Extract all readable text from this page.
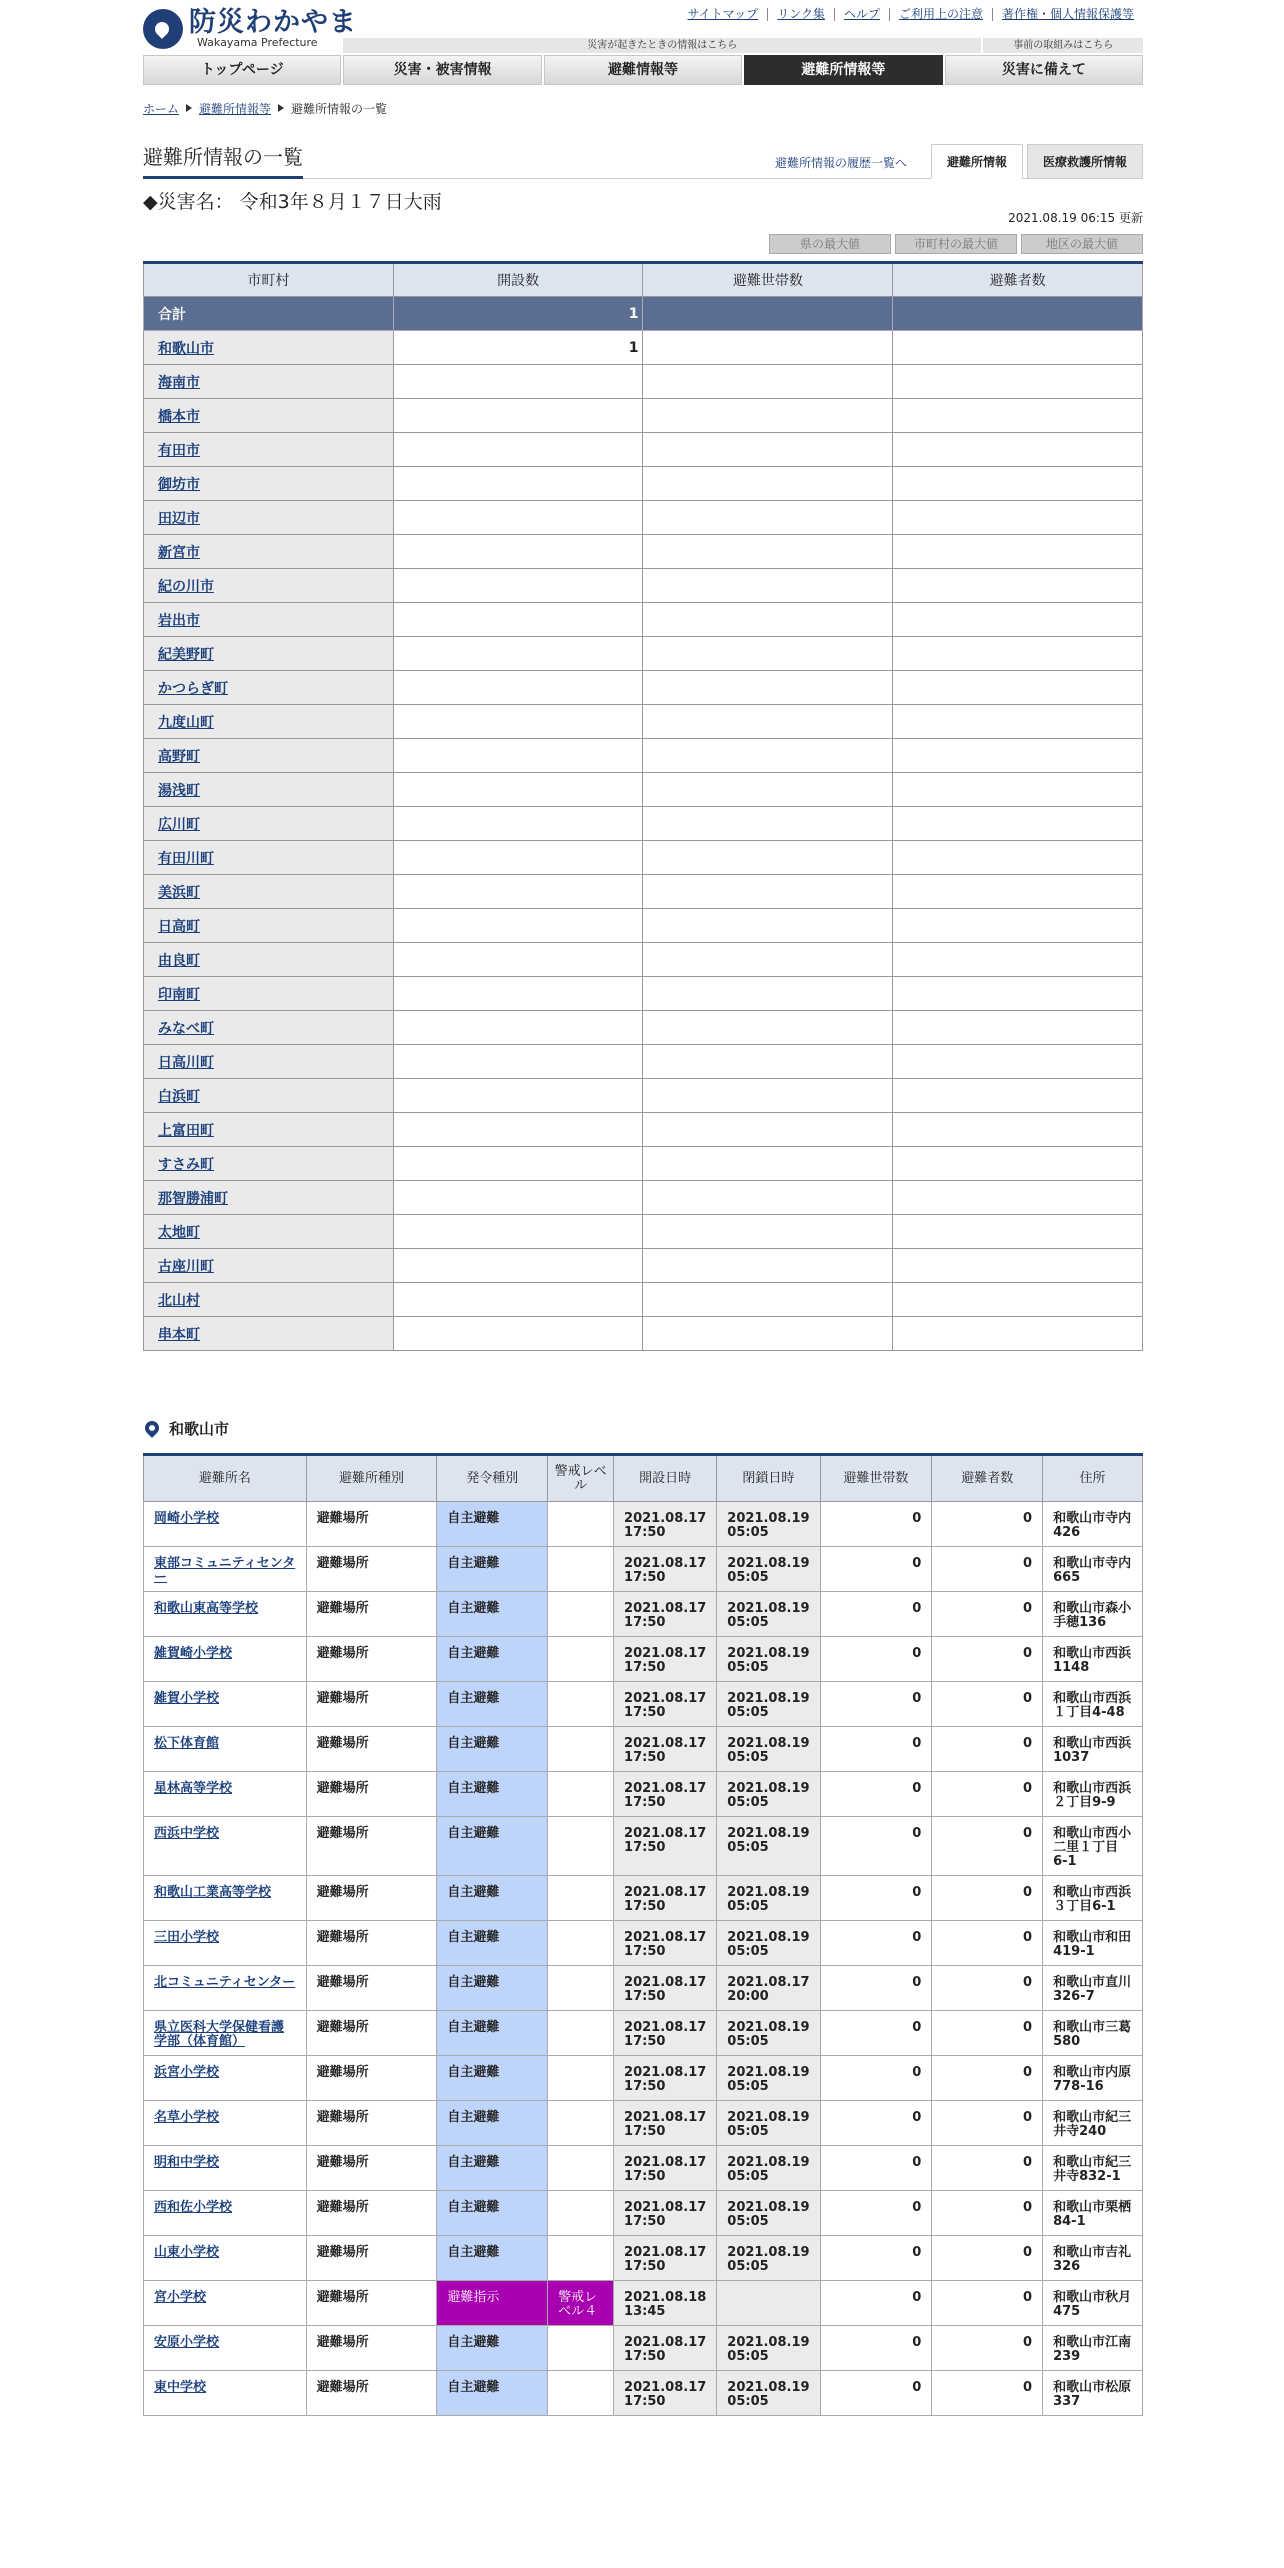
防災わかやま
Wakayama Prefecture
サイトマップ	リンク集	ヘルプ	ご利用上の注意	著作権・個人情報保護等
災害が起きたときの情報はこちら	事前の取組みはこちら
トップページ	災害・被害情報	避難情報等	避難所情報等	災害に備えて
ホーム 避難所情報等 避難所情報の一覧
避難所情報の一覧	避難所情報の履歴一覧へ	避難所情報	医療救護所情報
◆災害名： 令和3年８月１７日大雨
2021.08.19 06:15 更新
県の最大値	市町村の最大値	地区の最大値
市町村	開設数	避難世帯数	避難者数
合計	1		
和歌山市	1		
海南市			
橋本市			
有田市			
御坊市			
田辺市			
新宮市			
紀の川市			
岩出市			
紀美野町			
かつらぎ町			
九度山町			
高野町			
湯浅町			
広川町			
有田川町			
美浜町			
日高町			
由良町			
印南町			
みなべ町			
日高川町			
白浜町			
上富田町			
すさみ町			
那智勝浦町			
太地町			
古座川町			
北山村			
串本町			
和歌山市
避難所名	避難所種別	発令種別	警戒レベル	開設日時	閉鎖日時	避難世帯数	避難者数	住所
岡崎小学校	避難場所	自主避難		2021.08.17 17:50	2021.08.19 05:05	0	0	和歌山市寺内426
東部コミュニティセンター	避難場所	自主避難		2021.08.17 17:50	2021.08.19 05:05	0	0	和歌山市寺内665
和歌山東高等学校	避難場所	自主避難		2021.08.17 17:50	2021.08.19 05:05	0	0	和歌山市森小手穂136
雑賀崎小学校	避難場所	自主避難		2021.08.17 17:50	2021.08.19 05:05	0	0	和歌山市西浜1148
雑賀小学校	避難場所	自主避難		2021.08.17 17:50	2021.08.19 05:05	0	0	和歌山市西浜１丁目4-48
松下体育館	避難場所	自主避難		2021.08.17 17:50	2021.08.19 05:05	0	0	和歌山市西浜1037
星林高等学校	避難場所	自主避難		2021.08.17 17:50	2021.08.19 05:05	0	0	和歌山市西浜２丁目9-9
西浜中学校	避難場所	自主避難		2021.08.17 17:50	2021.08.19 05:05	0	0	和歌山市西小二里１丁目6-1
和歌山工業高等学校	避難場所	自主避難		2021.08.17 17:50	2021.08.19 05:05	0	0	和歌山市西浜３丁目6-1
三田小学校	避難場所	自主避難		2021.08.17 17:50	2021.08.19 05:05	0	0	和歌山市和田419-1
北コミュニティセンター	避難場所	自主避難		2021.08.17 17:50	2021.08.17 20:00	0	0	和歌山市直川326-7
県立医科大学保健看護学部（体育館）	避難場所	自主避難		2021.08.17 17:50	2021.08.19 05:05	0	0	和歌山市三葛580
浜宮小学校	避難場所	自主避難		2021.08.17 17:50	2021.08.19 05:05	0	0	和歌山市内原778-16
名草小学校	避難場所	自主避難		2021.08.17 17:50	2021.08.19 05:05	0	0	和歌山市紀三井寺240
明和中学校	避難場所	自主避難		2021.08.17 17:50	2021.08.19 05:05	0	0	和歌山市紀三井寺832-1
西和佐小学校	避難場所	自主避難		2021.08.17 17:50	2021.08.19 05:05	0	0	和歌山市栗栖84-1
山東小学校	避難場所	自主避難		2021.08.17 17:50	2021.08.19 05:05	0	0	和歌山市吉礼326
宮小学校	避難場所	避難指示	警戒レベル４	2021.08.18 13:45		0	0	和歌山市秋月475
安原小学校	避難場所	自主避難		2021.08.17 17:50	2021.08.19 05:05	0	0	和歌山市江南239
東中学校	避難場所	自主避難		2021.08.17 17:50	2021.08.19 05:05	0	0	和歌山市松原337
